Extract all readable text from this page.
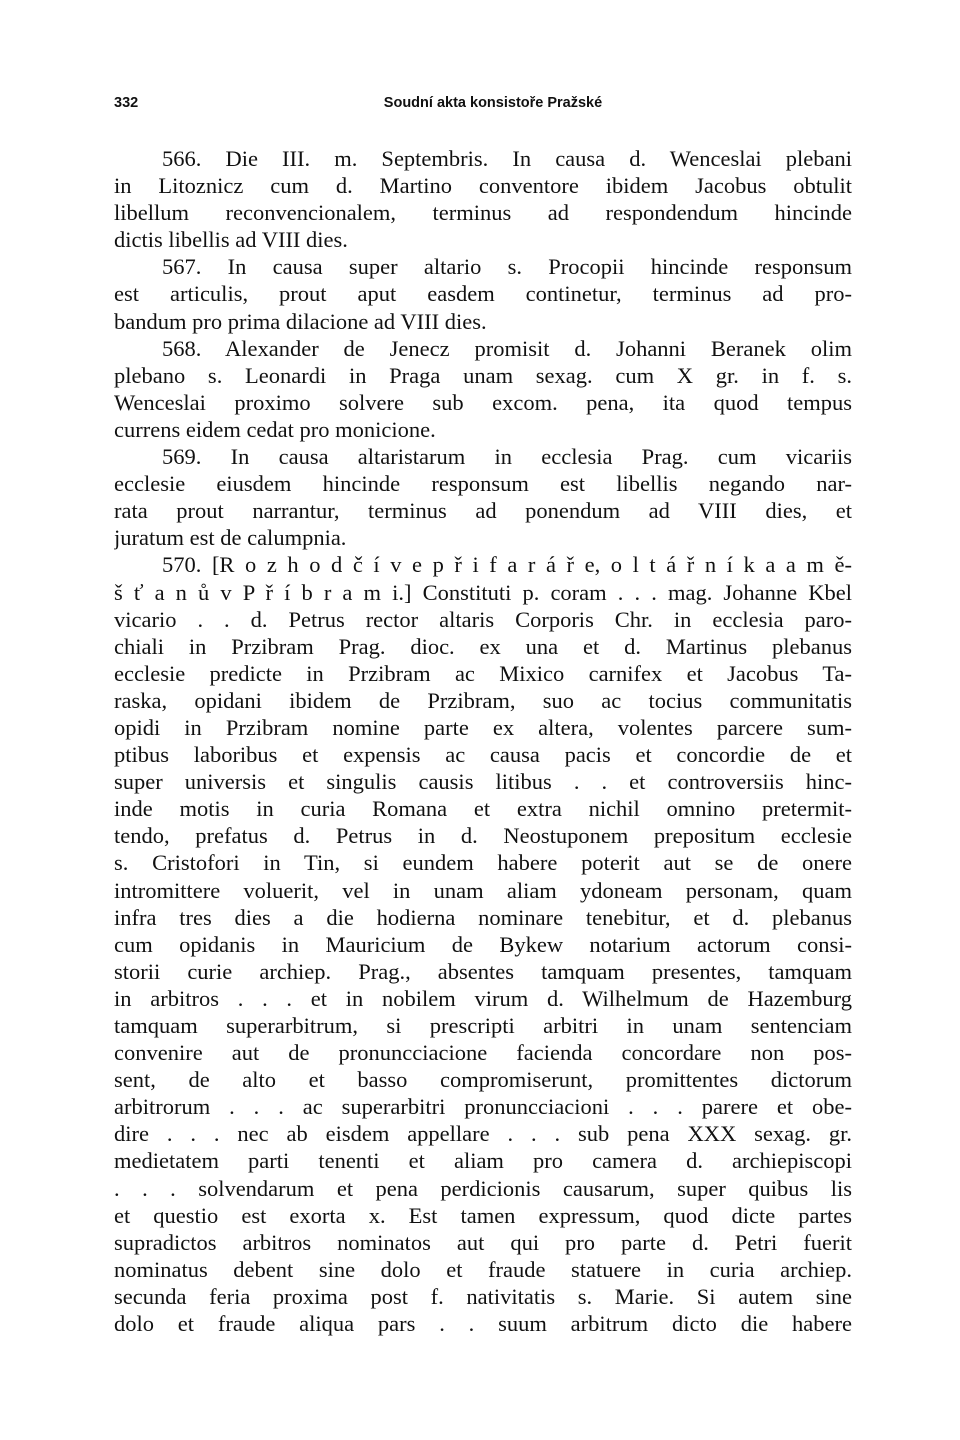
332	Soudní akta konsistoře Pražské
566. Die III. m. Septembris. In causa d. Wenceslai plebani
in Litoznicz cum d. Martino conventore ibidem Jacobus obtulit
libellum reconvencionalem, terminus ad respondendum hincinde
dictis libellis ad VIII dies.
567. In causa super altario s. Procopii hincinde responsum
est articulis, prout aput easdem continetur, terminus ad pro-
bandum pro prima dilacione ad VIII dies.
568. Alexander de Jenecz promisit d. Johanni Beranek olim
plebano s. Leonardi in Praga unam sexag. cum X gr. in f. s.
Wenceslai proximo solvere sub excom. pena, ita quod tempus
currens eidem cedat pro monicione.
569. In causa altaristarum in ecclesia Prag. cum vicariis
ecclesie eiusdem hincinde responsum est libellis negando nar-
rata prout narrantur, terminus ad ponendum ad VIII dies, et
juratum est de calumpnia.
570. [R o z h o d č í v e p ř i f a r á ř e, o l t á ř n í k a a m ě-
š ť a n ů v P ř í b r a m i.] Constituti p. coram . . . mag. Johanne Kbel
vicario . . d. Petrus rector altaris Corporis Chr. in ecclesia paro-
chiali in Przibram Prag. dioc. ex una et d. Martinus plebanus
ecclesie predicte in Przibram ac Mixico carnifex et Jacobus Ta-
raska, opidani ibidem de Przibram, suo ac tocius communitatis
opidi in Przibram nomine parte ex altera, volentes parcere sum-
ptibus laboribus et expensis ac causa pacis et concordie de et
super universis et singulis causis litibus . . et controversiis hinc-
inde motis in curia Romana et extra nichil omnino pretermit-
tendo, prefatus d. Petrus in d. Neostuponem prepositum ecclesie
s. Cristofori in Tin, si eundem habere poterit aut se de onere
intromittere voluerit, vel in unam aliam ydoneam personam, quam
infra tres dies a die hodierna nominare tenebitur, et d. plebanus
cum opidanis in Mauricium de Bykew notarium actorum consi-
storii curie archiep. Prag., absentes tamquam presentes, tamquam
in arbitros . . . et in nobilem virum d. Wilhelmum de Hazemburg
tamquam superarbitrum, si prescripti arbitri in unam sentenciam
convenire aut de pronuncciacione facienda concordare non pos-
sent, de alto et basso compromiserunt, promittentes dictorum
arbitrorum . . . ac superarbitri pronuncciacioni . . . parere et obe-
dire . . . nec ab eisdem appellare . . . sub pena XXX sexag. gr.
medietatem parti tenenti et aliam pro camera d. archiepiscopi
. . . solvendarum et pena perdicionis causarum, super quibus lis
et questio est exorta x. Est tamen expressum, quod dicte partes
supradictos arbitros nominatos aut qui pro parte d. Petri fuerit
nominatus debent sine dolo et fraude statuere in curia archiep.
secunda feria proxima post f. nativitatis s. Marie. Si autem sine
dolo et fraude aliqua pars . . suum arbitrum dicto die habere
